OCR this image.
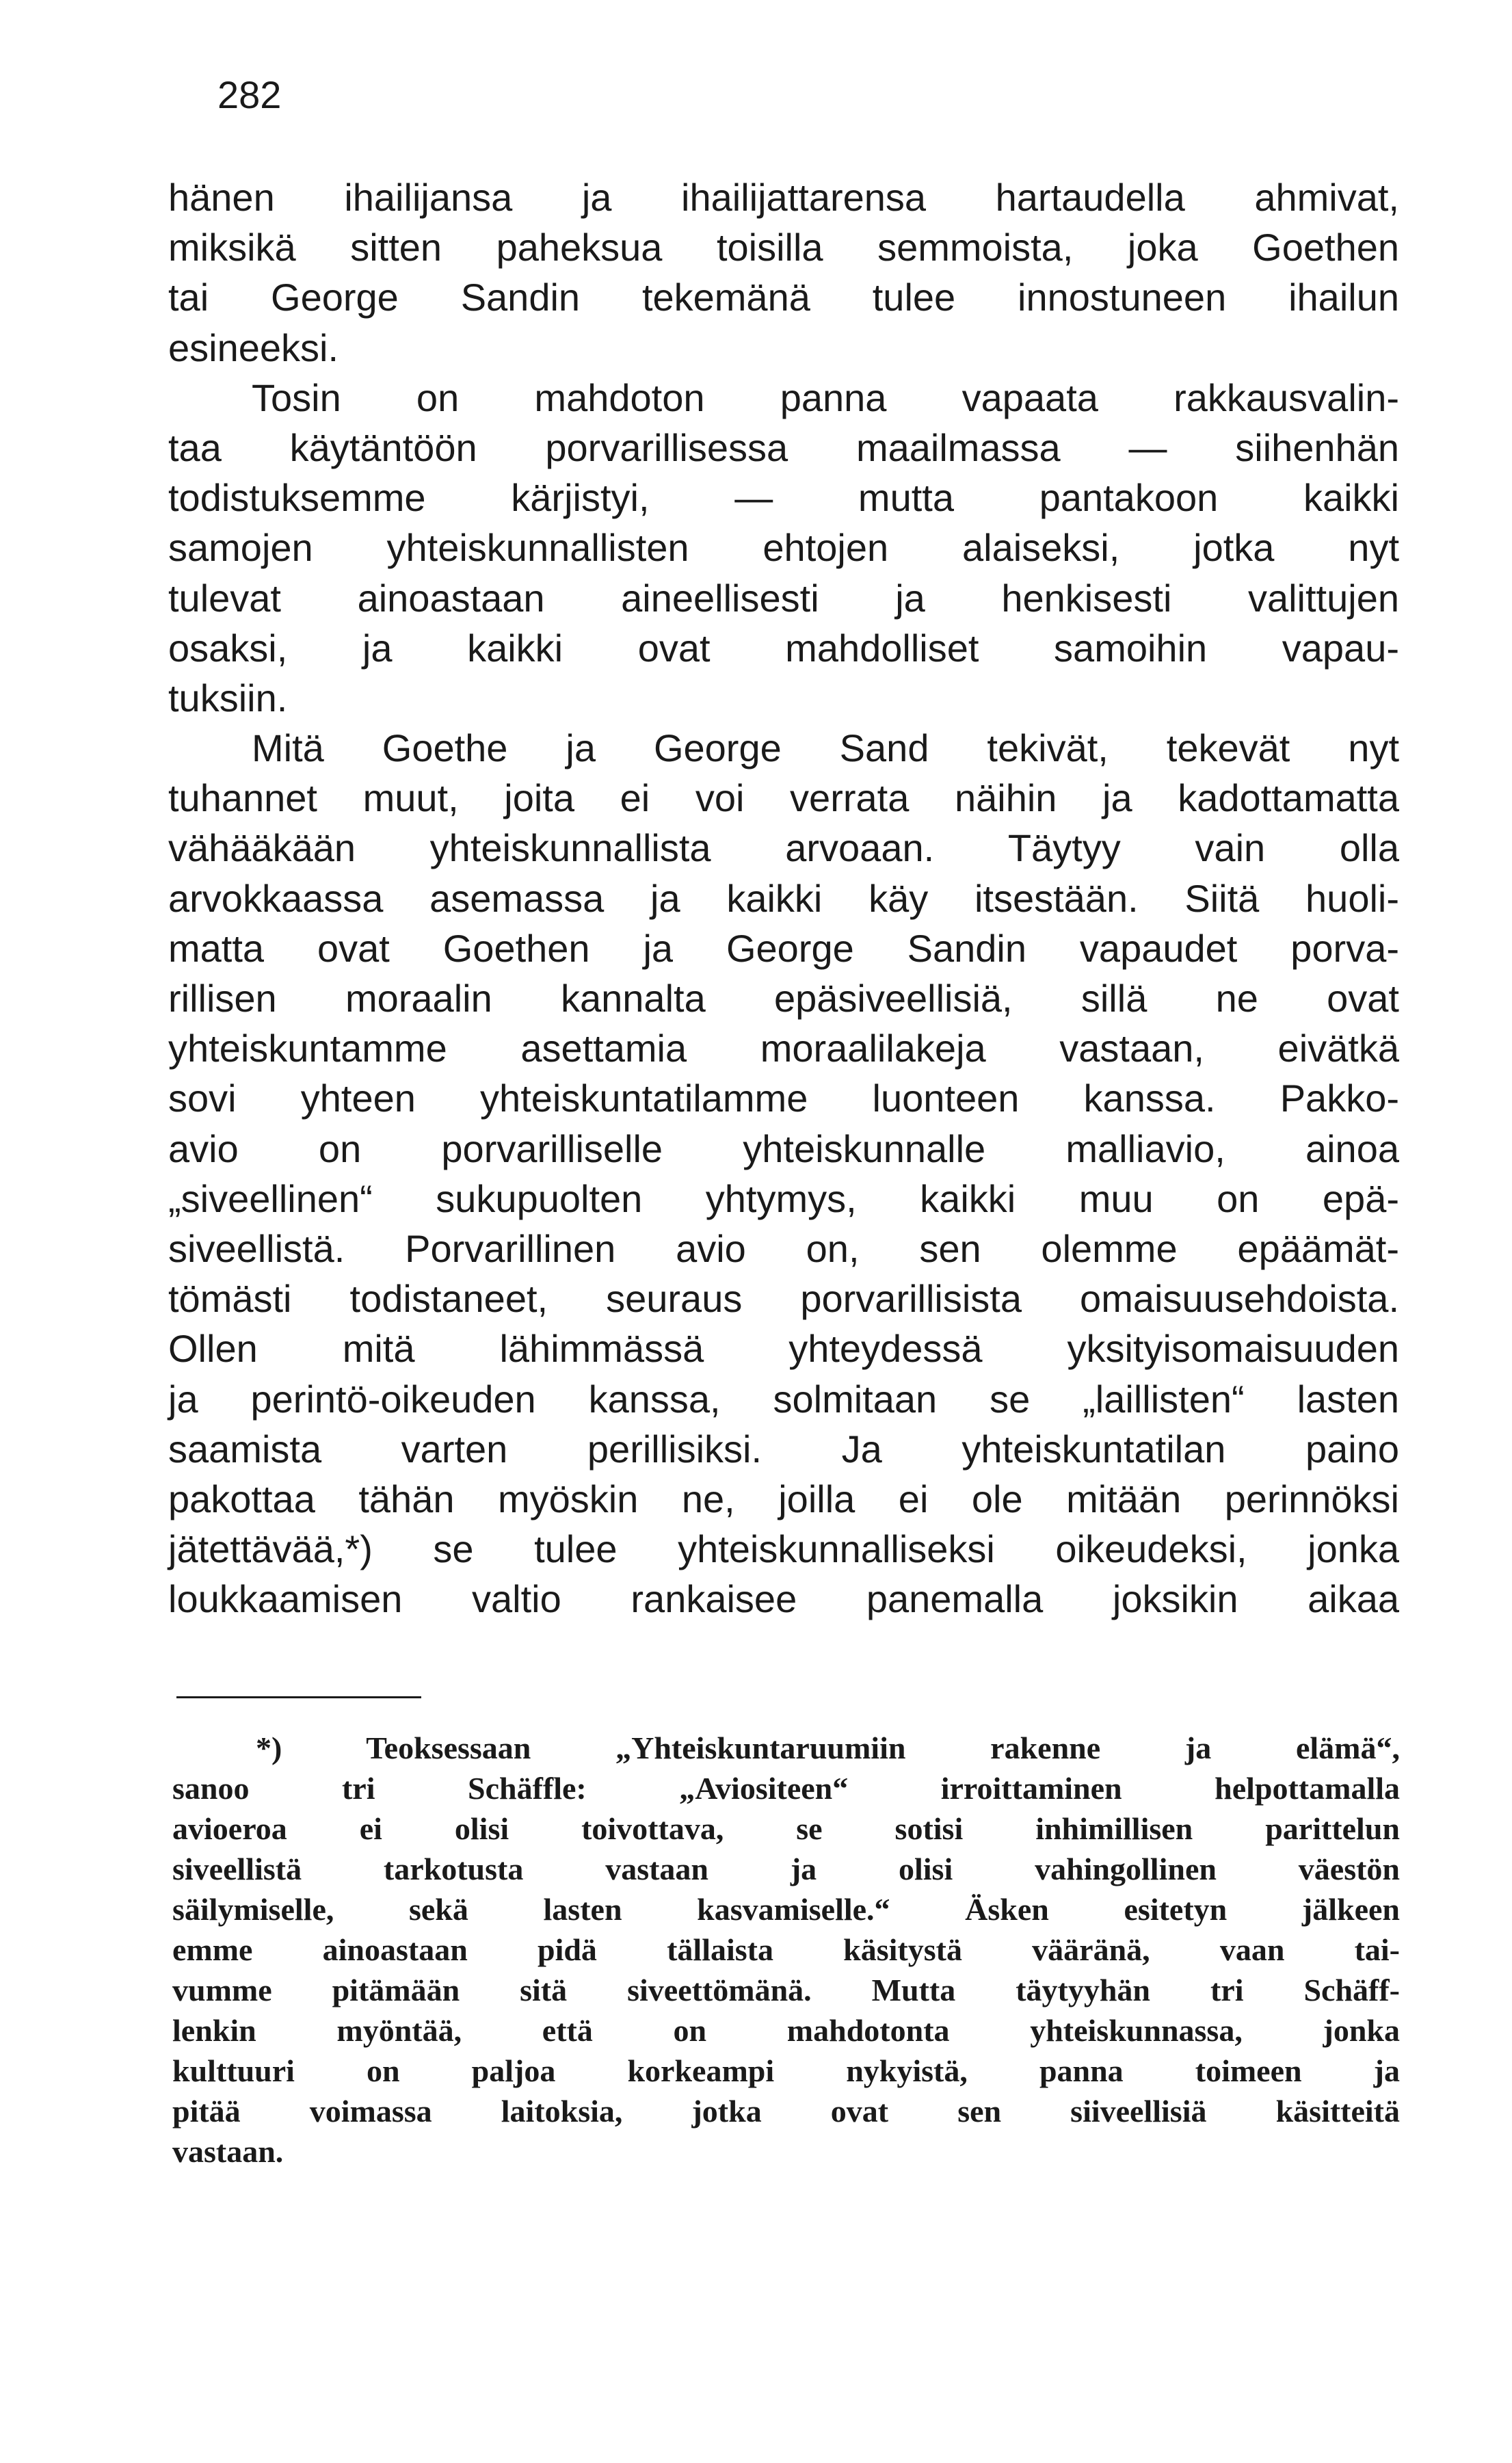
282
hänen ihailijansa ja ihailijattarensa hartaudella ahmivat,
miksikä sitten paheksua toisilla semmoista, joka Goethen
tai George Sandin tekemänä tulee innostuneen ihailun
esineeksi.
Tosin on mahdoton panna vapaata rakkausvalin-
taa käytäntöön porvarillisessa maailmassa — siihenhän
todistuksemme kärjistyi, — mutta pantakoon kaikki
samojen yhteiskunnallisten ehtojen alaiseksi, jotka nyt
tulevat ainoastaan aineellisesti ja henkisesti valittujen
osaksi, ja kaikki ovat mahdolliset samoihin vapau-
tuksiin.
Mitä Goethe ja George Sand tekivät, tekevät nyt
tuhannet muut, joita ei voi verrata näihin ja kadottamatta
vähääkään yhteiskunnallista arvoaan. Täytyy vain olla
arvokkaassa asemassa ja kaikki käy itsestään. Siitä huoli-
matta ovat Goethen ja George Sandin vapaudet porva-
rillisen moraalin kannalta epäsiveellisiä, sillä ne ovat
yhteiskuntamme asettamia moraalilakeja vastaan, eivätkä
sovi yhteen yhteiskuntatilamme luonteen kanssa. Pakko-
avio on porvarilliselle yhteiskunnalle malliavio, ainoa
„siveellinen“ sukupuolten yhtymys, kaikki muu on epä-
siveellistä. Porvarillinen avio on, sen olemme epäämät-
tömästi todistaneet, seuraus porvarillisista omaisuusehdoista.
Ollen mitä lähimmässä yhteydessä yksityisomaisuuden
ja perintö-oikeuden kanssa, solmitaan se „laillisten“ lasten
saamista varten perillisiksi. Ja yhteiskuntatilan paino
pakottaa tähän myöskin ne, joilla ei ole mitään perinnöksi
jätettävää,*) se tulee yhteiskunnalliseksi oikeudeksi, jonka
loukkaamisen valtio rankaisee panemalla joksikin aikaa
*) Teoksessaan „Yhteiskuntaruumiin rakenne ja elämä“,
sanoo tri Schäffle: „Aviositeen“ irroittaminen helpottamalla
avioeroa ei olisi toivottava, se sotisi inhimillisen parittelun
siveellistä tarkotusta vastaan ja olisi vahingollinen väestön
säilymiselle, sekä lasten kasvamiselle.“ Äsken esitetyn jälkeen
emme ainoastaan pidä tällaista käsitystä vääränä, vaan tai-
vumme pitämään sitä siveettömänä. Mutta täytyyhän tri Schäff-
lenkin myöntää, että on mahdotonta yhteiskunnassa, jonka
kulttuuri on paljoa korkeampi nykyistä, panna toimeen ja
pitää voimassa laitoksia, jotka ovat sen siiveellisiä käsitteitä
vastaan.
